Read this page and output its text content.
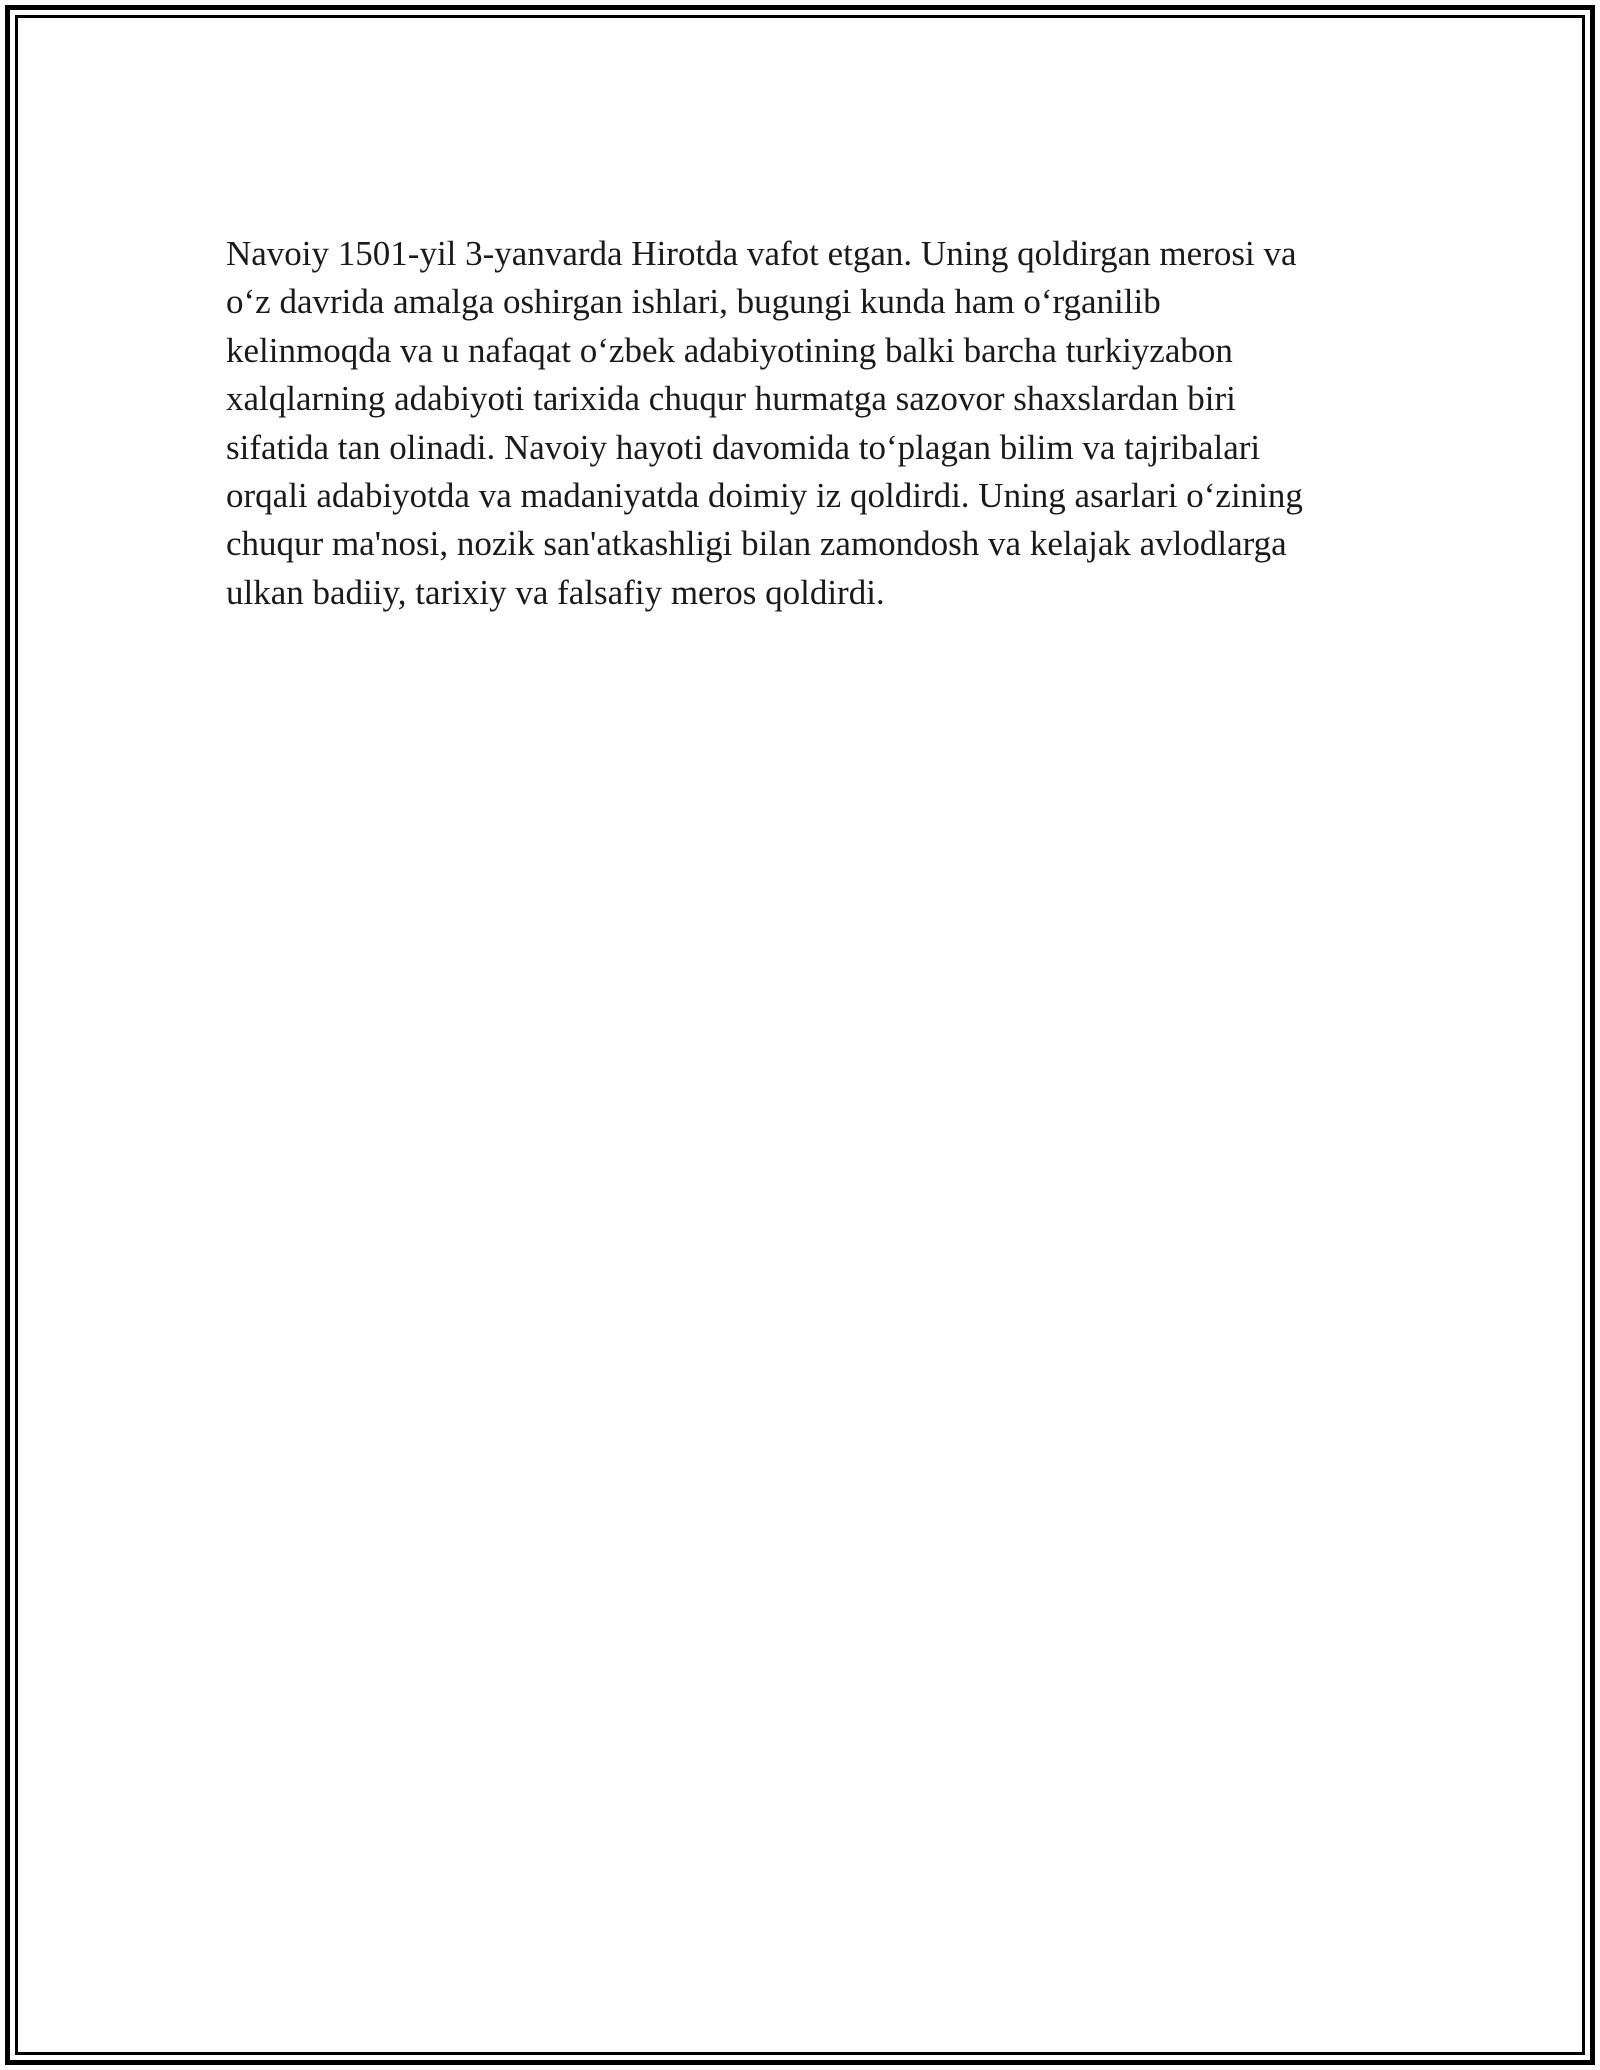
Navoiy 1501-yil 3-yanvarda Hirotda vafot etgan. Uning qoldirgan merosi va
o‘z davrida amalga oshirgan ishlari, bugungi kunda ham o‘rganilib
kelinmoqda va u nafaqat o‘zbek adabiyotining balki barcha turkiyzabon
xalqlarning adabiyoti tarixida chuqur hurmatga sazovor shaxslardan biri
sifatida tan olinadi. Navoiy hayoti davomida to‘plagan bilim va tajribalari
orqali adabiyotda va madaniyatda doimiy iz qoldirdi. Uning asarlari o‘zining
chuqur ma'nosi, nozik san'atkashligi bilan zamondosh va kelajak avlodlarga
ulkan badiiy, tarixiy va falsafiy meros qoldirdi.
